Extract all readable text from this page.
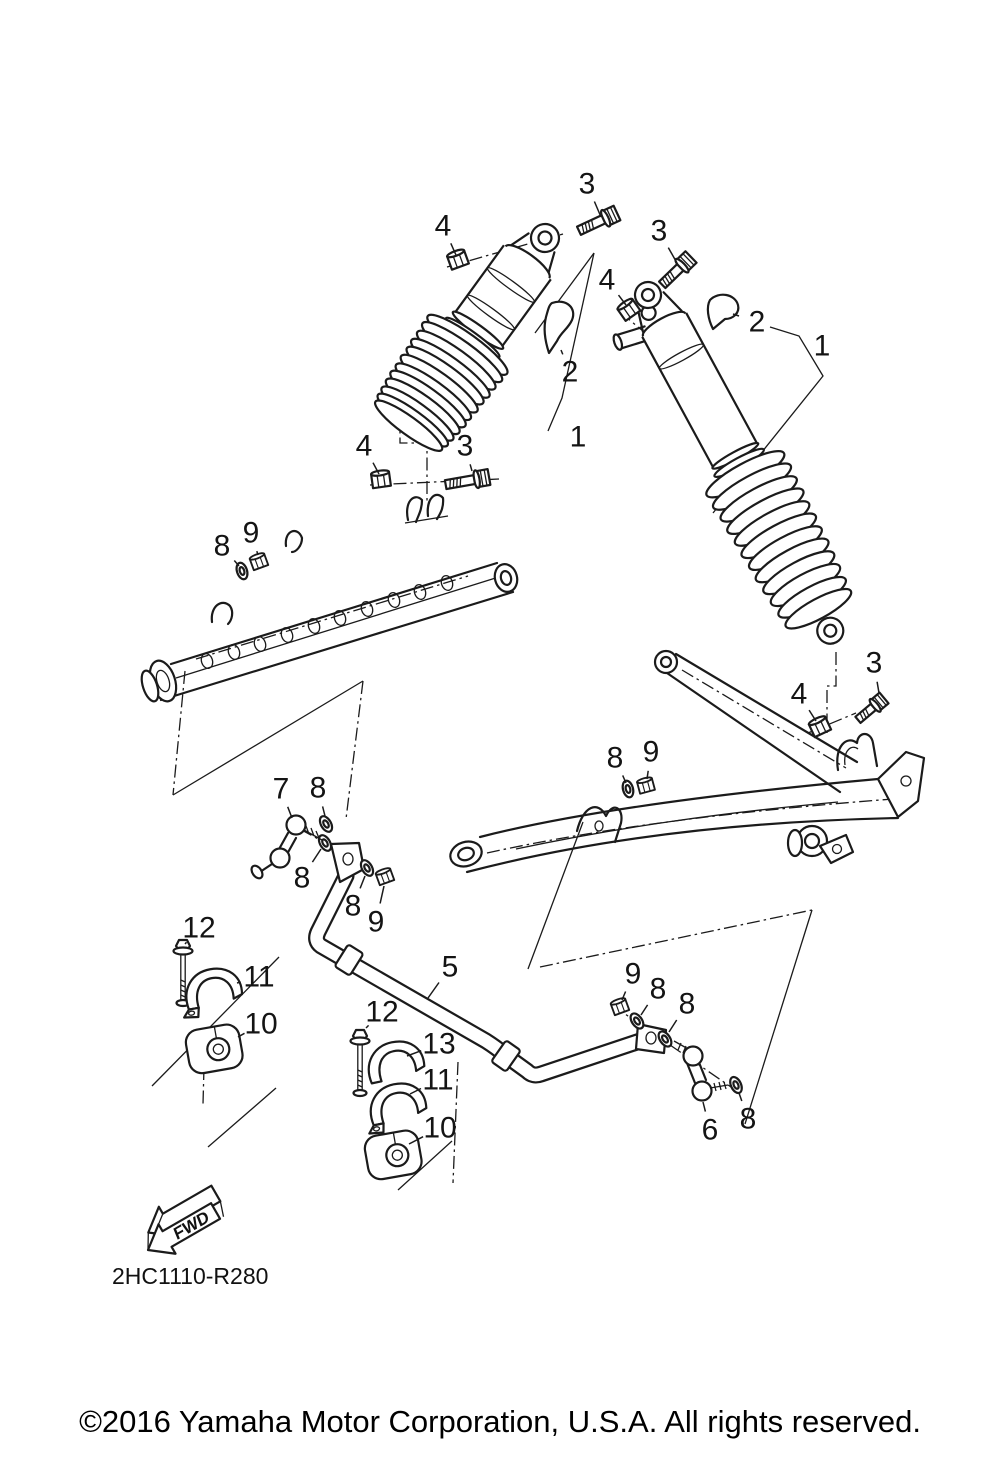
FWD
3
4	3
4
2
1
2
1
4	3
8 9
3
4
8 9
7 8
8
8 9
12
11
10
5
12
13
11
10
9 8 8
6 8
2HC1110-R280
©2016 Yamaha Motor Corporation, U.S.A. All rights reserved.
